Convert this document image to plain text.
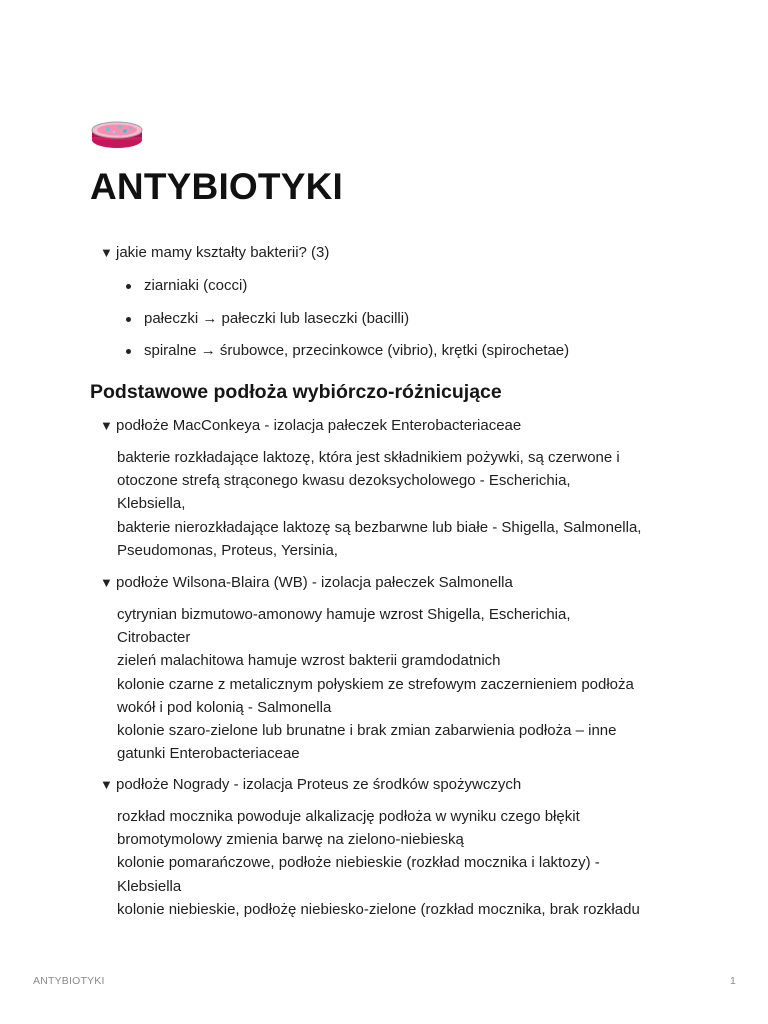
ANTYBIOTYKI
▼ jakie mamy kształty bakterii? (3)
ziarniaki (cocci)
pałeczki → pałeczki lub laseczki (bacilli)
spiralne → śrubowce, przecinkowce (vibrio), krętki (spirochetae)
Podstawowe podłoża wybiórczo-różnicujące
▼ podłoże MacConkeya - izolacja pałeczek Enterobacteriaceae
bakterie rozkładające laktozę, która jest składnikiem pożywki, są czerwone i
otoczone strefą strąconego kwasu dezoksycholowego - Escherichia,
Klebsiella,
bakterie nierozkładające laktozę są bezbarwne lub białe - Shigella, Salmonella,
Pseudomonas, Proteus, Yersinia,
▼ podłoże Wilsona-Blaira (WB) - izolacja pałeczek Salmonella
cytrynian bizmutowo-amonowy hamuje wzrost Shigella, Escherichia,
Citrobacter
zieleń malachitowa hamuje wzrost bakterii gramdodatnich
kolonie czarne z metalicznym połyskiem ze strefowym zaczernieniem podłoża
wokół i pod kolonią - Salmonella
kolonie szaro-zielone lub brunatne i brak zmian zabarwienia podłoża – inne
gatunki Enterobacteriaceae
▼ podłoże Nogrady - izolacja Proteus ze środków spożywczych
rozkład mocznika powoduje alkalizację podłoża w wyniku czego błękit
bromotymolowy zmienia barwę na zielono-niebieską
kolonie pomarańczowe, podłoże niebieskie (rozkład mocznika i laktozy) -
Klebsiella
kolonie niebieskie, podłożę niebiesko-zielone (rozkład mocznika, brak rozkładu
ANTYBIOTYKI	1
